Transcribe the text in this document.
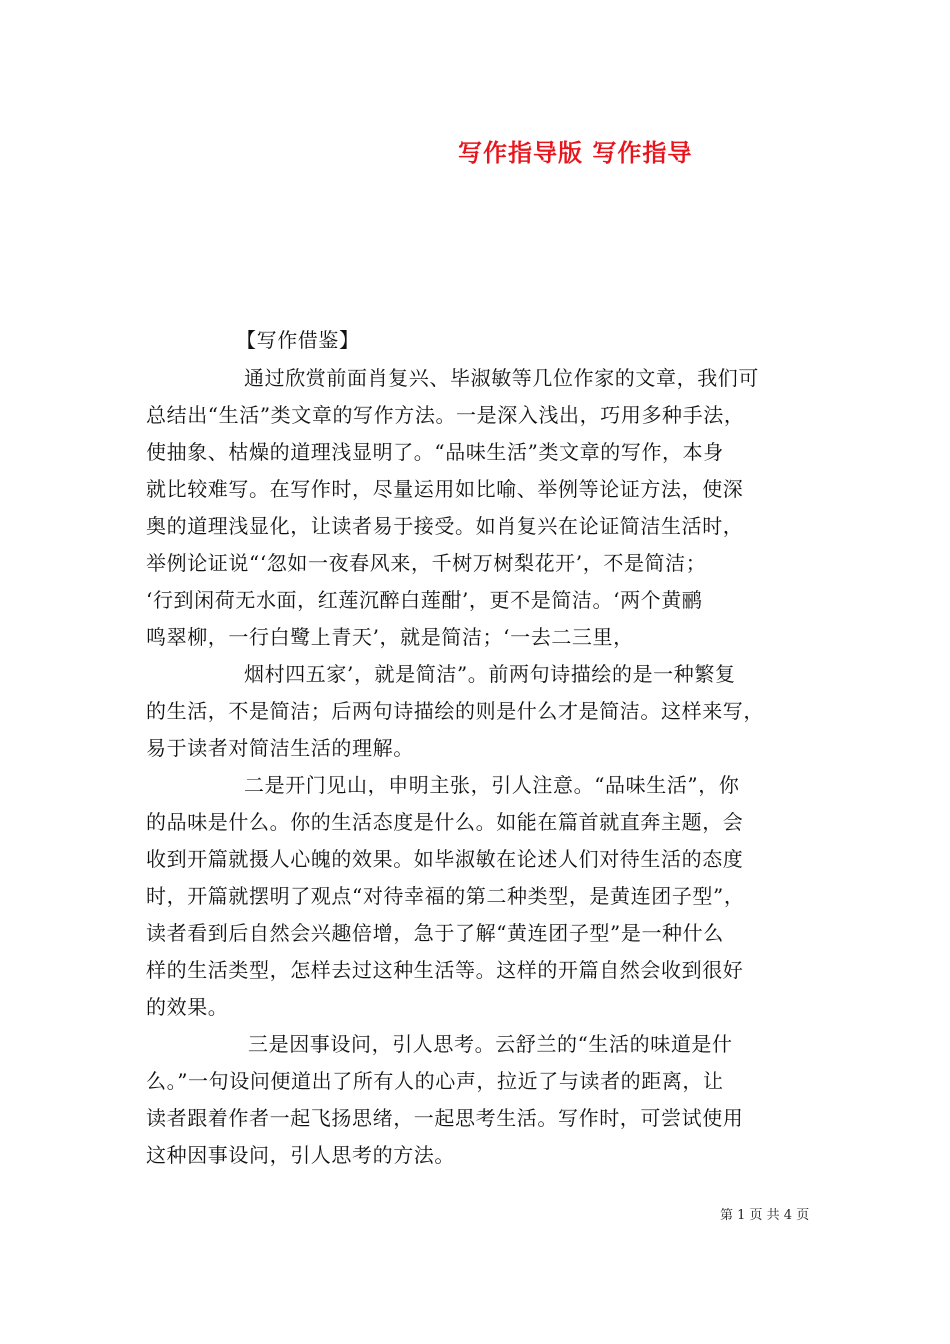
写作指导版 写作指导
【写作借鉴】
通过欣赏前面肖复兴、毕淑敏等几位作家的文章，我们可
总结出“生活”类文章的写作方法。一是深入浅出，巧用多种手法，
使抽象、枯燥的道理浅显明了。“品味生活”类文章的写作，本身
就比较难写。在写作时，尽量运用如比喻、举例等论证方法，使深
奥的道理浅显化，让读者易于接受。如肖复兴在论证简洁生活时，
举例论证说“‘忽如一夜春风来，千树万树梨花开’，不是简洁；
‘行到闲荷无水面，红莲沉醉白莲酣’，更不是简洁。‘两个黄鹂
鸣翠柳，一行白鹭上青天’，就是简洁；‘一去二三里，
烟村四五家’，就是简洁”。前两句诗描绘的是一种繁复
的生活，不是简洁；后两句诗描绘的则是什么才是简洁。这样来写，
易于读者对简洁生活的理解。
二是开门见山，申明主张，引人注意。“品味生活”，你
的品味是什么。你的生活态度是什么。如能在篇首就直奔主题，会
收到开篇就摄人心魄的效果。如毕淑敏在论述人们对待生活的态度
时，开篇就摆明了观点“对待幸福的第二种类型，是黄连团子型”，
读者看到后自然会兴趣倍增，急于了解“黄连团子型”是一种什么
样的生活类型，怎样去过这种生活等。这样的开篇自然会收到很好
的效果。
三是因事设问，引人思考。云舒兰的“生活的味道是什
么。”一句设问便道出了所有人的心声，拉近了与读者的距离，让
读者跟着作者一起飞扬思绪，一起思考生活。写作时，可尝试使用
这种因事设问，引人思考的方法。
第 1 页 共 4 页
